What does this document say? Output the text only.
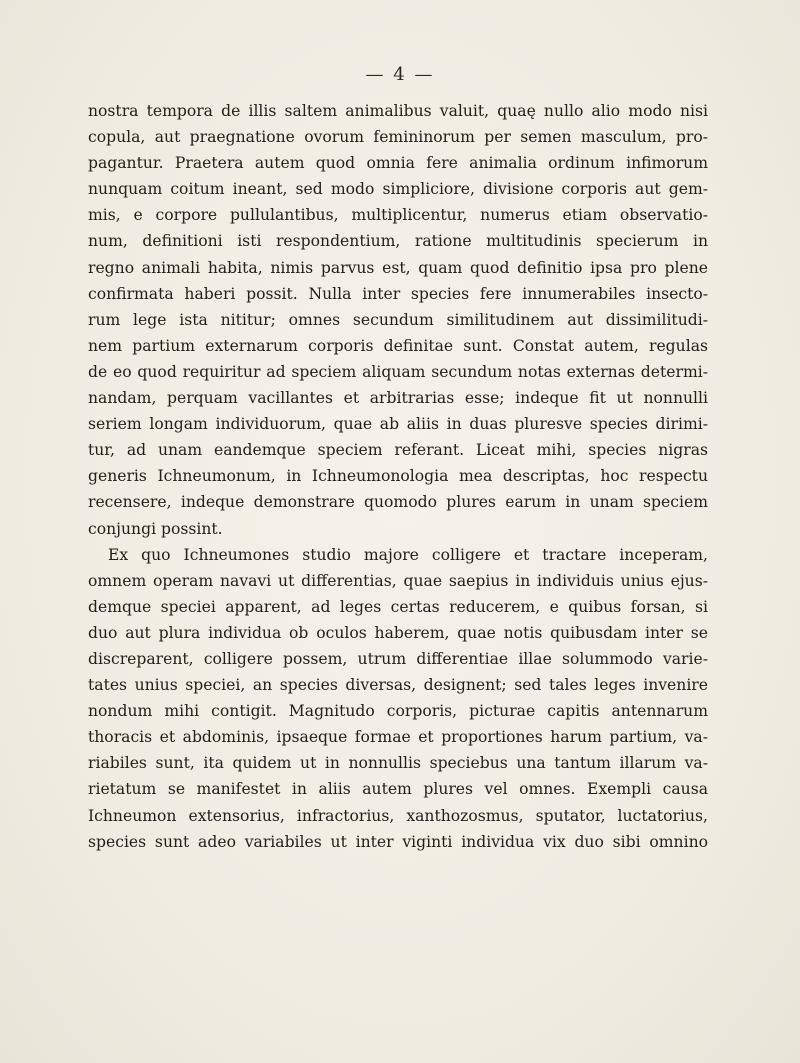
— 4 —
nostra tempora de illis saltem animalibus valuit, quaę nullo alio modo nisi
copula, aut praegnatione ovorum femininorum per semen masculum, pro-
pagantur. Praetera autem quod omnia fere animalia ordinum infimorum
nunquam coitum ineant, sed modo simpliciore, divisione corporis aut gem-
mis, e corpore pullulantibus, multiplicentur, numerus etiam observatio-
num, definitioni isti respondentium, ratione multitudinis specierum in
regno animali habita, nimis parvus est, quam quod definitio ipsa pro plene
confirmata haberi possit. Nulla inter species fere innumerabiles insecto-
rum lege ista nititur; omnes secundum similitudinem aut dissimilitudi-
nem partium externarum corporis definitae sunt. Constat autem, regulas
de eo quod requiritur ad speciem aliquam secundum notas externas determi-
nandam, perquam vacillantes et arbitrarias esse; indeque fit ut nonnulli
seriem longam individuorum, quae ab aliis in duas pluresve species dirimi-
tur, ad unam eandemque speciem referant. Liceat mihi, species nigras
generis Ichneumonum, in Ichneumonologia mea descriptas, hoc respectu
recensere, indeque demonstrare quomodo plures earum in unam speciem
conjungi possint.
Ex quo Ichneumones studio majore colligere et tractare inceperam,
omnem operam navavi ut differentias, quae saepius in individuis unius ejus-
demque speciei apparent, ad leges certas reducerem, e quibus forsan, si
duo aut plura individua ob oculos haberem, quae notis quibusdam inter se
discreparent, colligere possem, utrum differentiae illae solummodo varie-
tates unius speciei, an species diversas, designent; sed tales leges invenire
nondum mihi contigit. Magnitudo corporis, picturae capitis antennarum
thoracis et abdominis, ipsaeque formae et proportiones harum partium, va-
riabiles sunt, ita quidem ut in nonnullis speciebus una tantum illarum va-
rietatum se manifestet in aliis autem plures vel omnes. Exempli causa
Ichneumon extensorius, infractorius, xanthozosmus, sputator, luctatorius,
species sunt adeo variabiles ut inter viginti individua vix duo sibi omnino
